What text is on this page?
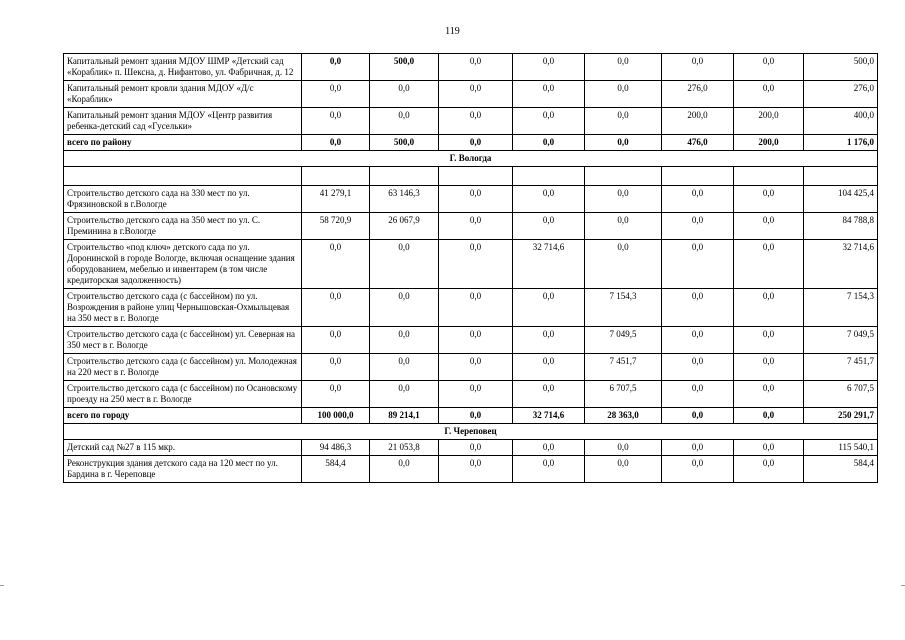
119
Капитальный ремонт здания МДОУ ШМР «Детский сад «Кораблик» п. Шексна, д. Нифантово, ул. Фабричная, д. 12	0,0	500,0	0,0	0,0	0,0	0,0	0,0	500,0
Капитальный ремонт кровли здания МДОУ «Д/с «Кораблик»	0,0	0,0	0,0	0,0	0,0	276,0	0,0	276,0
Капитальный ремонт здания МДОУ «Центр развития ребенка-детский сад «Гусельки»	0,0	0,0	0,0	0,0	0,0	200,0	200,0	400,0
всего по району	0,0	500,0	0,0	0,0	0,0	476,0	200,0	1 176,0
Г. Вологда								

Строительство детского сада на 330 мест по ул. Фрязиновской в г.Вологде	41 279,1	63 146,3	0,0	0,0	0,0	0,0	0,0	104 425,4
Строительство детского сада на 350 мест по ул. С. Преминина в г.Вологде	58 720,9	26 067,9	0,0	0,0	0,0	0,0	0,0	84 788,8
Строительство «под ключ» детского сада по ул. Доронинской в городе Вологде, включая оснащение здания оборудованием, мебелью и инвентарем (в том числе кредиторская задолженность)	0,0	0,0	0,0	32 714,6	0,0	0,0	0,0	32 714,6
Строительство детского сада (с бассейном) по ул. Возрождения в районе улиц Чернышовская-Охмыльцевая на 350 мест в г. Вологде	0,0	0,0	0,0	0,0	7 154,3	0,0	0,0	7 154,3
Строительство детского сада (с бассейном) ул. Северная на 350 мест в г. Вологде	0,0	0,0	0,0	0,0	7 049,5	0,0	0,0	7 049,5
Строительство детского сада (с бассейном) ул. Молодежная на 220 мест в г. Вологде	0,0	0,0	0,0	0,0	7 451,7	0,0	0,0	7 451,7
Строительство детского сада (с бассейном) по Осановскому проезду на 250 мест в г. Вологде	0,0	0,0	0,0	0,0	6 707,5	0,0	0,0	6 707,5
всего по городу	100 000,0	89 214,1	0,0	32 714,6	28 363,0	0,0	0,0	250 291,7
Г. Череповец								
Детский сад №27 в 115 мкр.	94 486,3	21 053,8	0,0	0,0	0,0	0,0	0,0	115 540,1
Реконструкция здания детского сада на 120 мест по ул. Бардина в г. Череповце	584,4	0,0	0,0	0,0	0,0	0,0	0,0	584,4
